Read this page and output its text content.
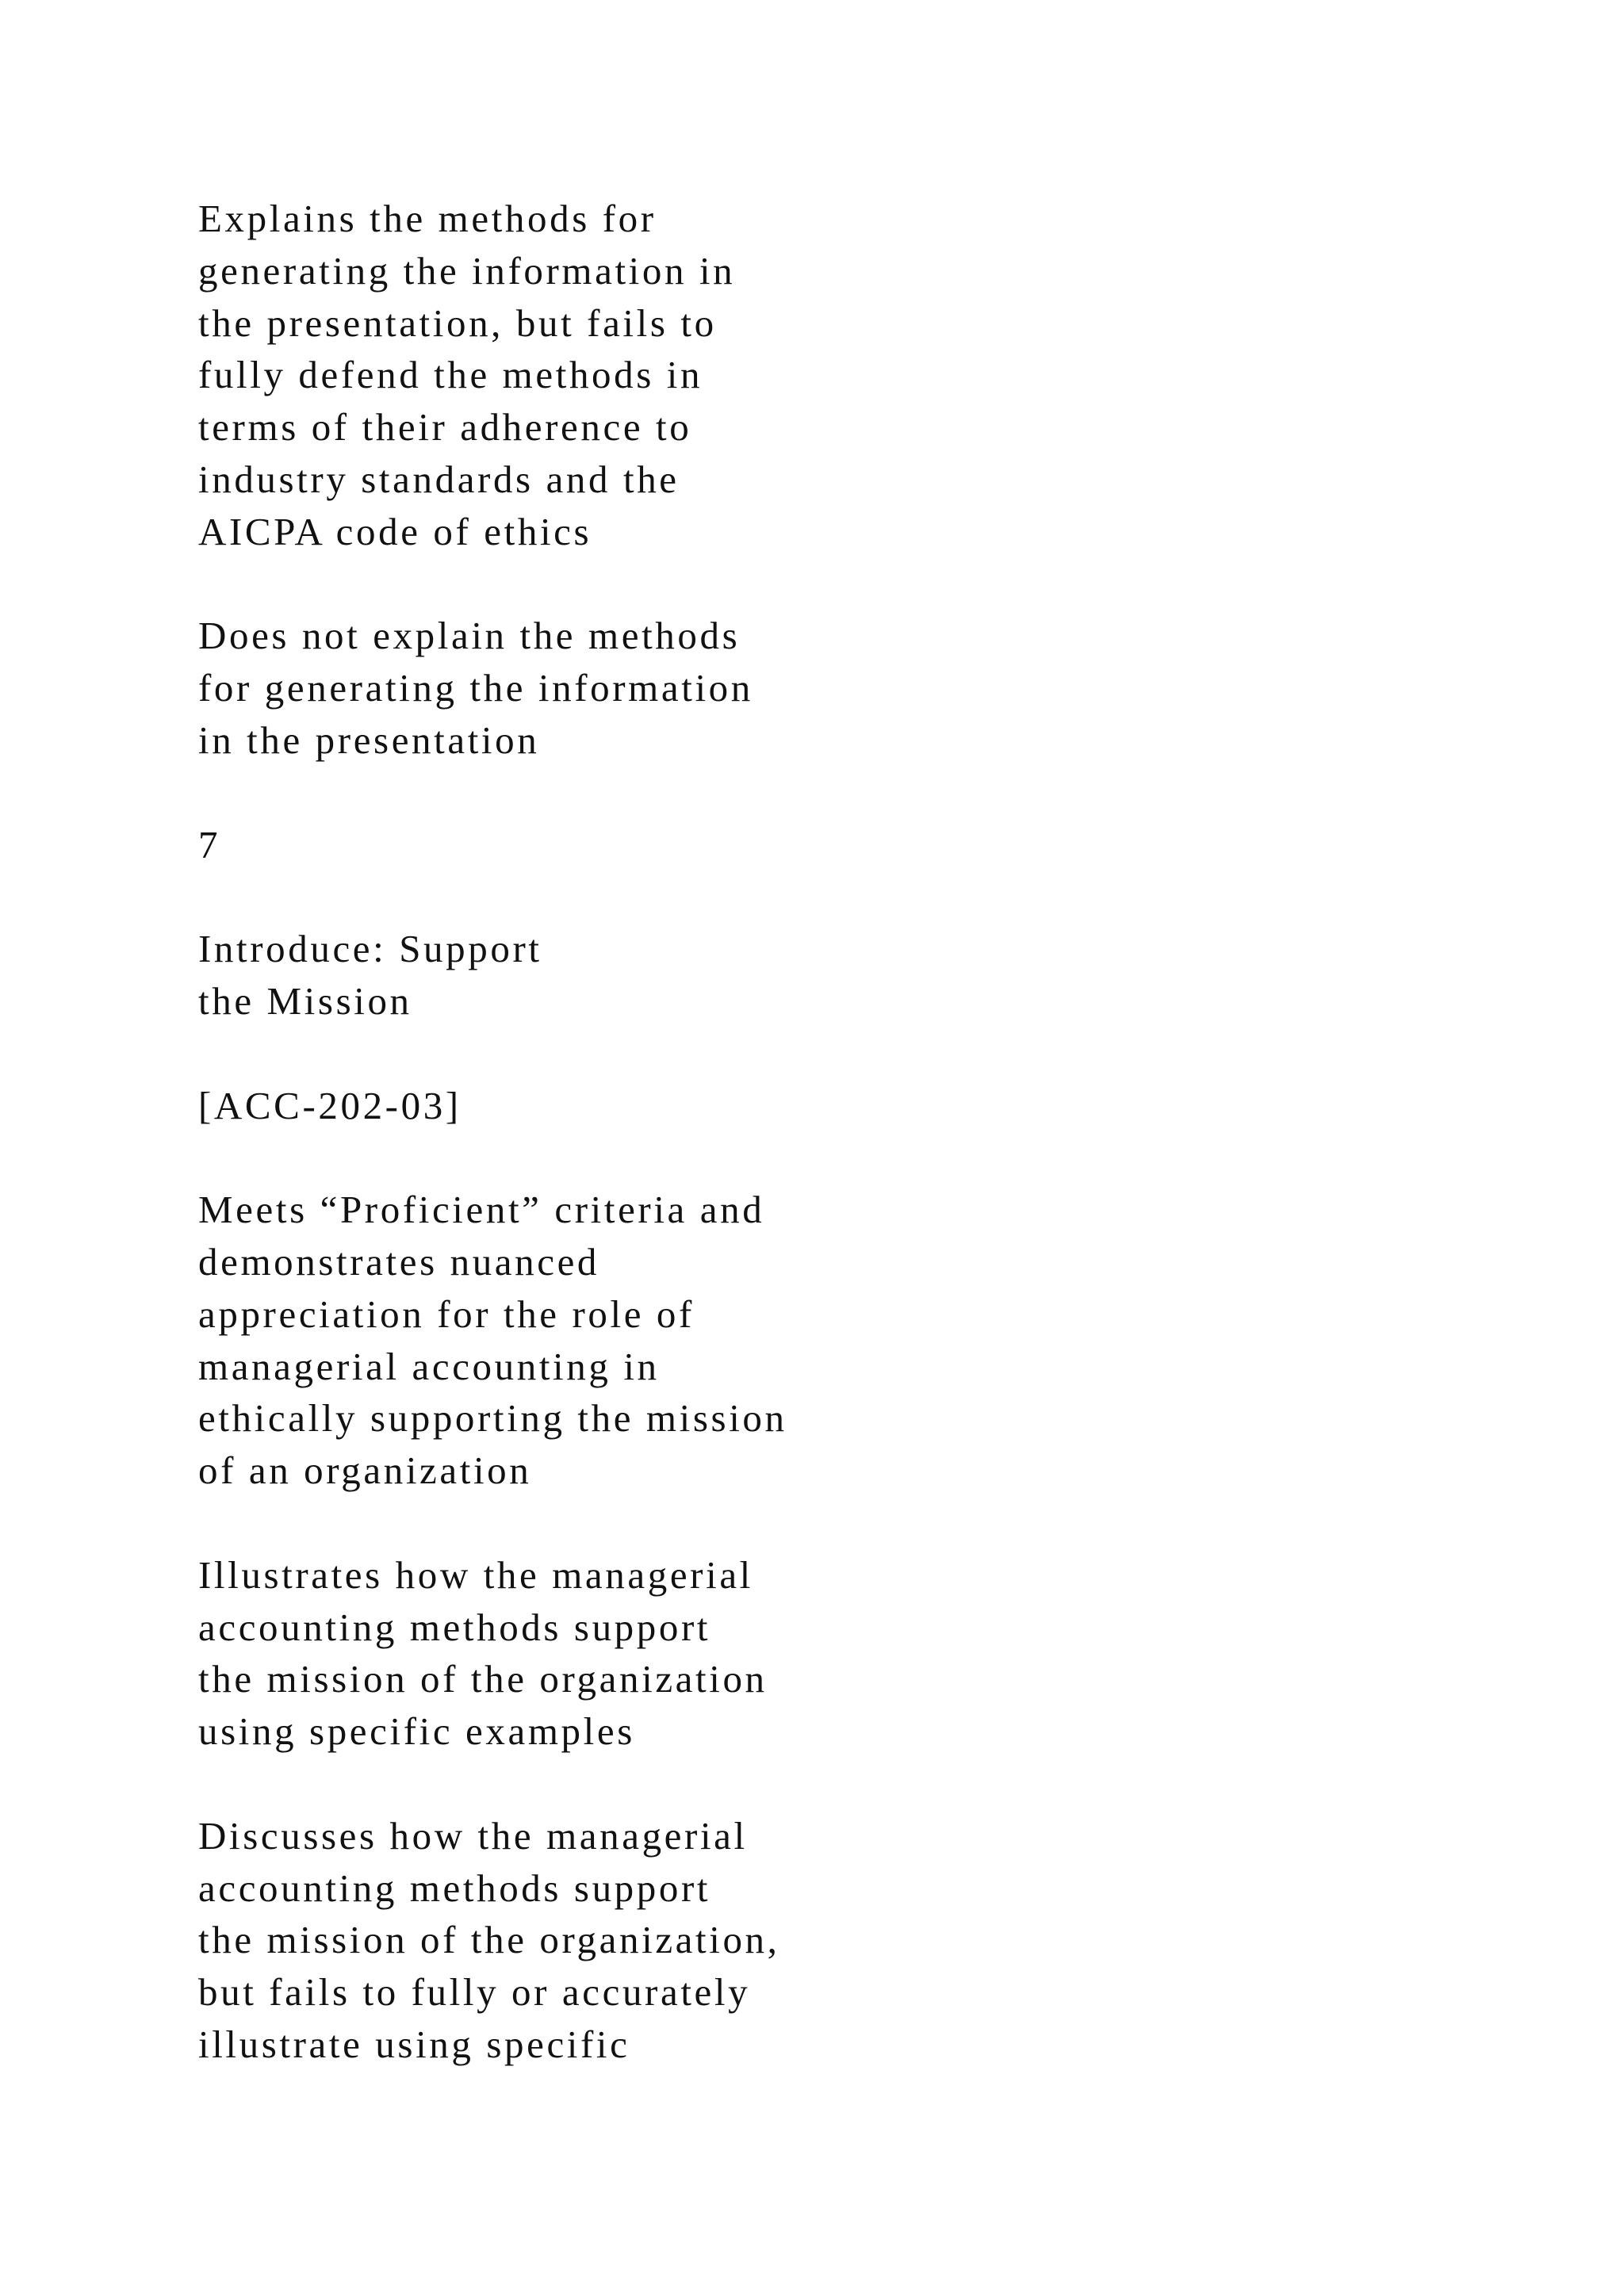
Explains the methods for
generating the information in
the presentation, but fails to
fully defend the methods in
terms of their adherence to
industry standards and the
AICPA code of ethics
Does not explain the methods
for generating the information
in the presentation
7
Introduce: Support
the Mission
[ACC-202-03]
Meets “Proficient” criteria and
demonstrates nuanced
appreciation for the role of
managerial accounting in
ethically supporting the mission
of an organization
Illustrates how the managerial
accounting methods support
the mission of the organization
using specific examples
Discusses how the managerial
accounting methods support
the mission of the organization,
but fails to fully or accurately
illustrate using specific
